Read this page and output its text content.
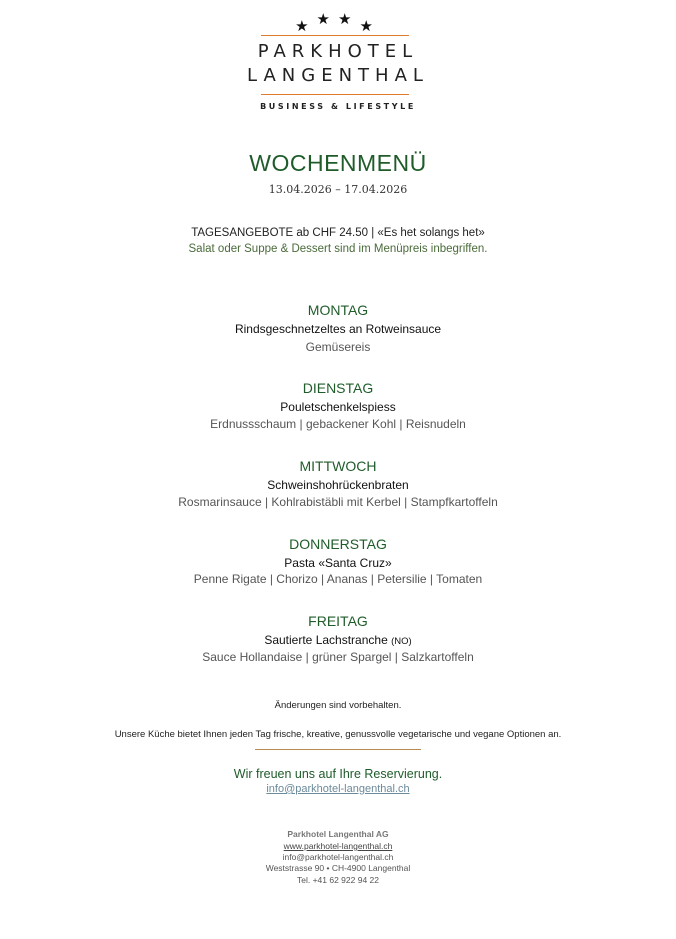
★★★★
PARKHOTEL
LANGENTHAL
BUSINESS & LIFESTYLE
WOCHENMENÜ
13.04.2026 – 17.04.2026
TAGESANGEBOTE ab CHF 24.50 | «Es het solangs het»
Salat oder Suppe & Dessert sind im Menüpreis inbegriffen.
MONTAG
Rindsgeschnetzeltes an Rotweinsauce
Gemüsereis
DIENSTAG
Pouletschenkelspiess
Erdnussschaum | gebackener Kohl | Reisnudeln
MITTWOCH
Schweinshohrückenbraten
Rosmarinsauce | Kohlrabistäbli mit Kerbel | Stampfkartoffeln
DONNERSTAG
Pasta «Santa Cruz»
Penne Rigate | Chorizo | Ananas | Petersilie | Tomaten
FREITAG
Sautierte Lachstranche (NO)
Sauce Hollandaise | grüner Spargel | Salzkartoffeln
Änderungen sind vorbehalten.
Unsere Küche bietet Ihnen jeden Tag frische, kreative, genussvolle vegetarische und vegane Optionen an.
Wir freuen uns auf Ihre Reservierung.
info@parkhotel-langenthal.ch
Parkhotel Langenthal AG
www.parkhotel-langenthal.ch
info@parkhotel-langenthal.ch
Weststrasse 90 • CH-4900 Langenthal
Tel. +41 62 922 94 22
